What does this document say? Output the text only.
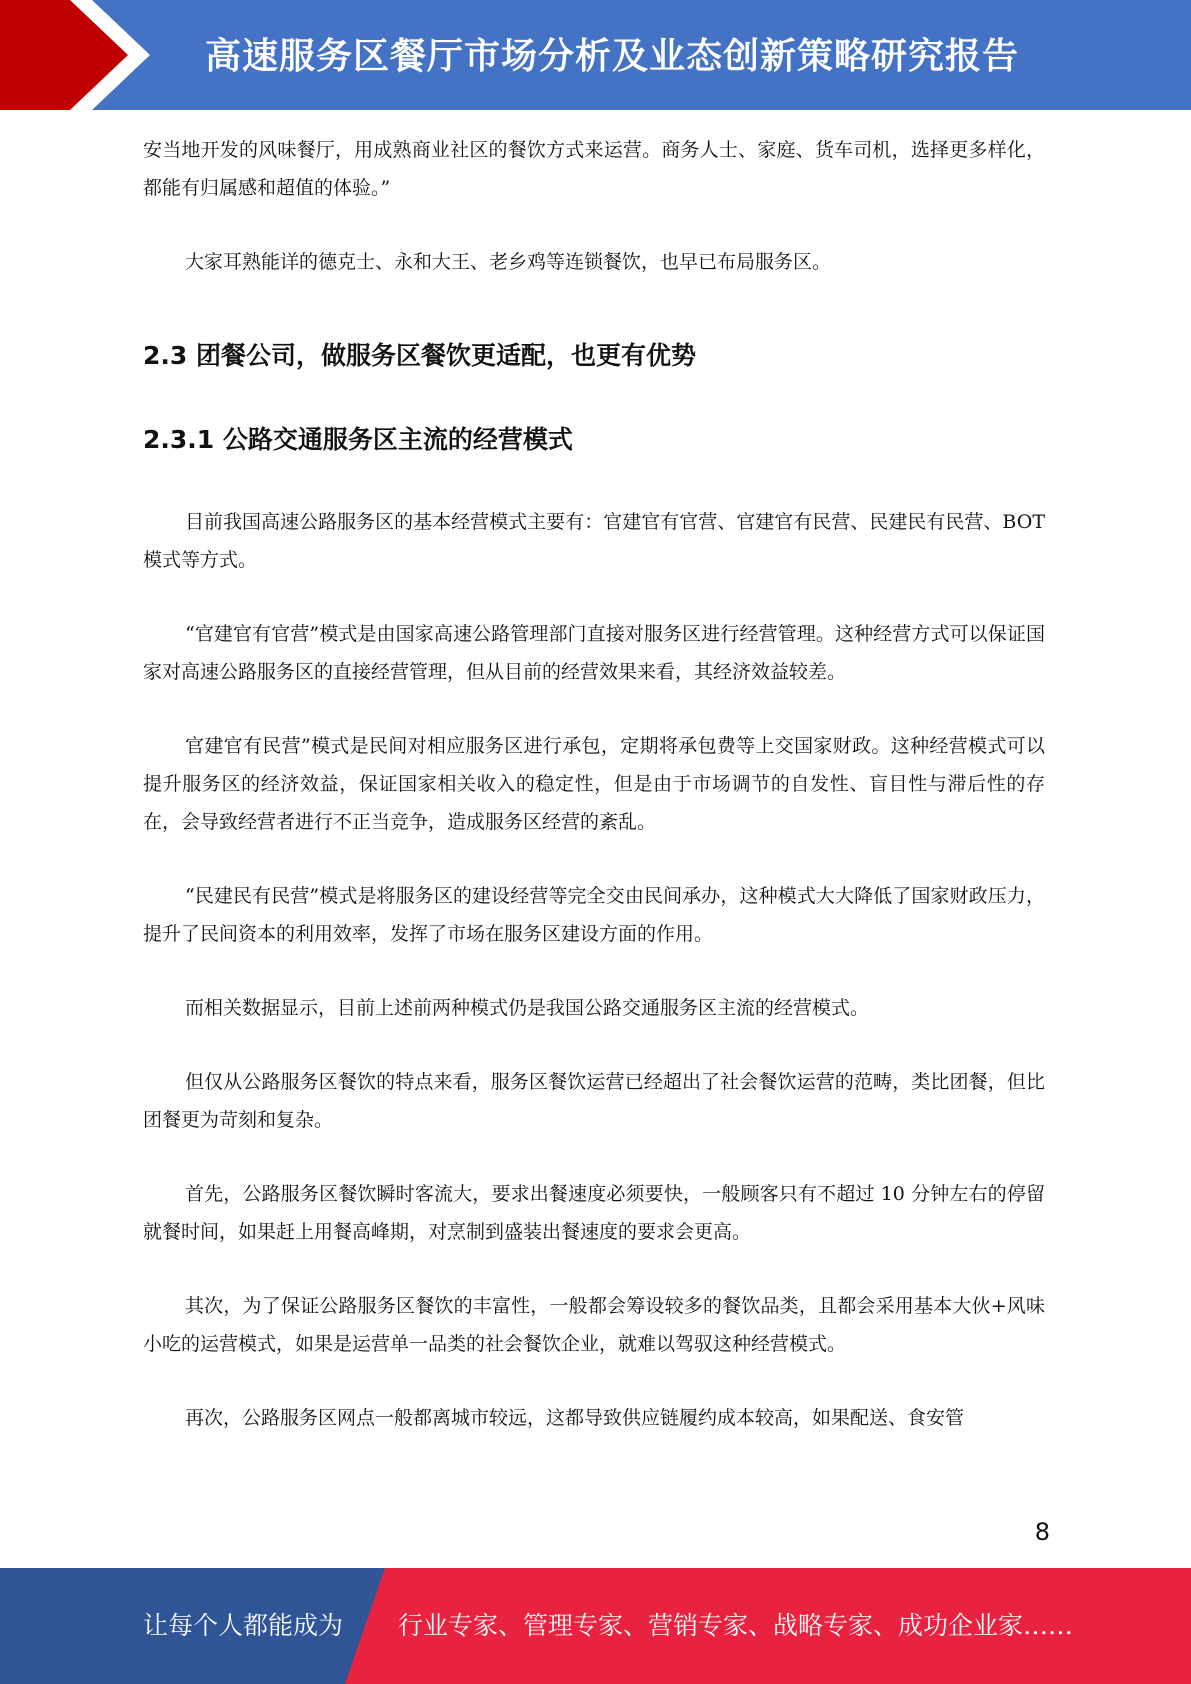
高速服务区餐厅市场分析及业态创新策略研究报告

安当地开发的风味餐厅，用成熟商业社区的餐饮方式来运营。商务人士、家庭、货车司机，选择更多样化，都能有归属感和超值的体验。”

大家耳熟能详的德克士、永和大王、老乡鸡等连锁餐饮，也早已布局服务区。

2.3 团餐公司，做服务区餐饮更适配，也更有优势
2.3.1 公路交通服务区主流的经营模式

目前我国高速公路服务区的基本经营模式主要有：官建官有官营、官建官有民营、民建民有民营、BOT 模式等方式。

“官建官有官营”模式是由国家高速公路管理部门直接对服务区进行经营管理。这种经营方式可以保证国家对高速公路服务区的直接经营管理，但从目前的经营效果来看，其经济效益较差。

官建官有民营”模式是民间对相应服务区进行承包，定期将承包费等上交国家财政。这种经营模式可以提升服务区的经济效益，保证国家相关收入的稳定性，但是由于市场调节的自发性、盲目性与滞后性的存在，会导致经营者进行不正当竞争，造成服务区经营的紊乱。

“民建民有民营”模式是将服务区的建设经营等完全交由民间承办，这种模式大大降低了国家财政压力，提升了民间资本的利用效率，发挥了市场在服务区建设方面的作用。

而相关数据显示，目前上述前两种模式仍是我国公路交通服务区主流的经营模式。

但仅从公路服务区餐饮的特点来看，服务区餐饮运营已经超出了社会餐饮运营的范畴，类比团餐，但比团餐更为苛刻和复杂。

首先，公路服务区餐饮瞬时客流大，要求出餐速度必须要快，一般顾客只有不超过 10 分钟左右的停留就餐时间，如果赶上用餐高峰期，对烹制到盛装出餐速度的要求会更高。

其次，为了保证公路服务区餐饮的丰富性，一般都会筹设较多的餐饮品类，且都会采用基本大伙+风味小吃的运营模式，如果是运营单一品类的社会餐饮企业，就难以驾驭这种经营模式。

再次，公路服务区网点一般都离城市较远，这都导致供应链履约成本较高，如果配送、食安管

8
让每个人都能成为 行业专家、管理专家、营销专家、战略专家、成功企业家……
